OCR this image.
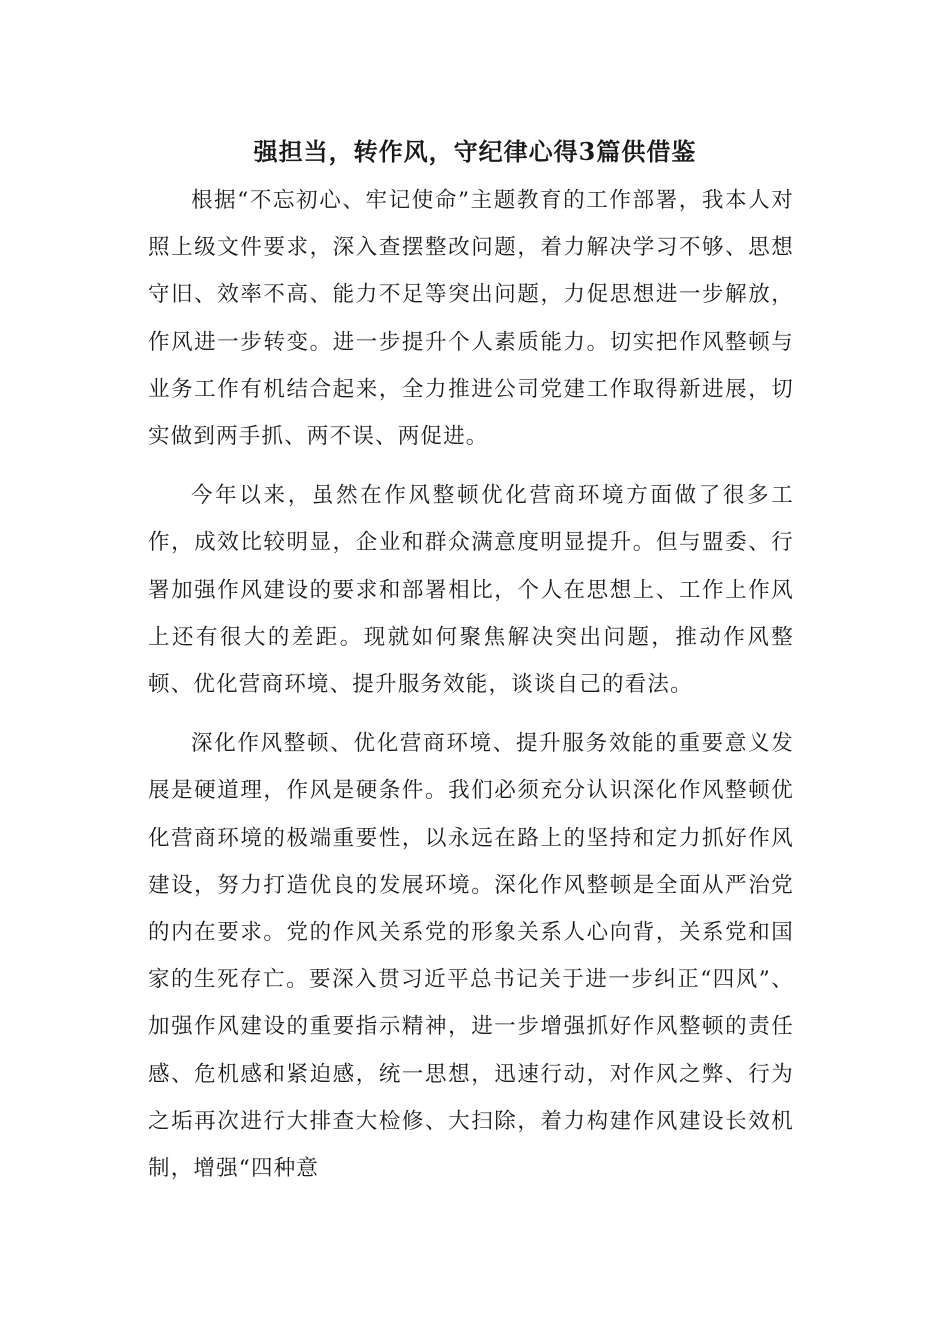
强担当，转作风，守纪律心得3篇供借鉴

根据“不忘初心、牢记使命”主题教育的工作部署，我本人对照上级文件要求，深入查摆整改问题，着力解决学习不够、思想守旧、效率不高、能力不足等突出问题，力促思想进一步解放，作风进一步转变。进一步提升个人素质能力。切实把作风整顿与业务工作有机结合起来，全力推进公司党建工作取得新进展，切实做到两手抓、两不误、两促进。

今年以来，虽然在作风整顿优化营商环境方面做了很多工作，成效比较明显，企业和群众满意度明显提升。但与盟委、行署加强作风建设的要求和部署相比，个人在思想上、工作上作风上还有很大的差距。现就如何聚焦解决突出问题，推动作风整顿、优化营商环境、提升服务效能，谈谈自己的看法。

深化作风整顿、优化营商环境、提升服务效能的重要意义发展是硬道理，作风是硬条件。我们必须充分认识深化作风整顿优化营商环境的极端重要性，以永远在路上的坚持和定力抓好作风建设，努力打造优良的发展环境。深化作风整顿是全面从严治党的内在要求。党的作风关系党的形象关系人心向背，关系党和国家的生死存亡。要深入贯习近平总书记关于进一步纠正“四风”、加强作风建设的重要指示精神，进一步增强抓好作风整顿的责任感、危机感和紧迫感，统一思想，迅速行动，对作风之弊、行为之垢再次进行大排查大检修、大扫除，着力构建作风建设长效机制，增强“四种意
